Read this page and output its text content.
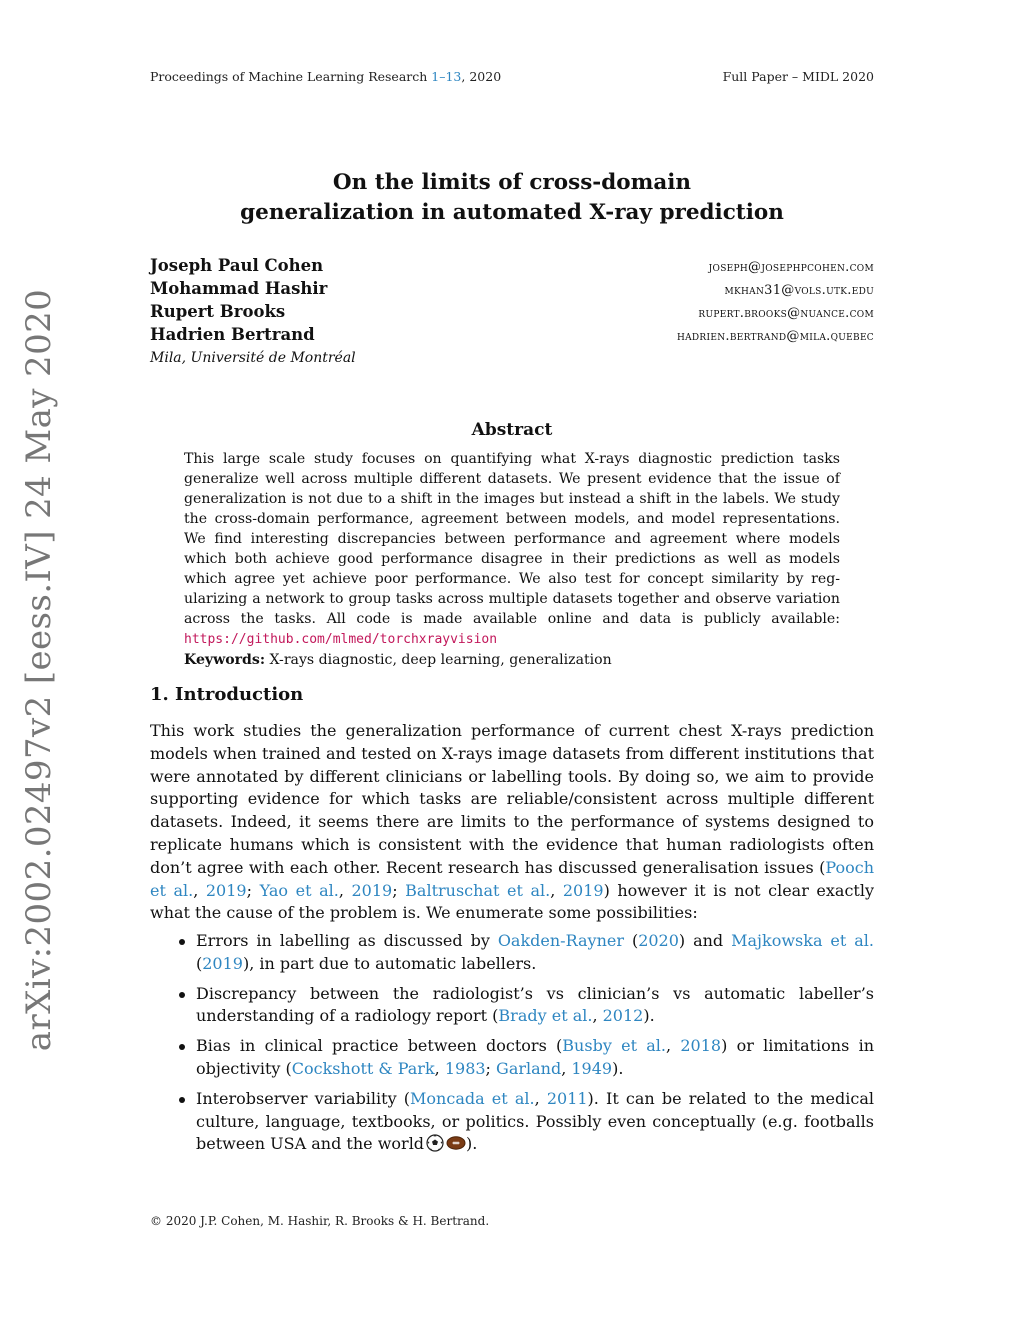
Proceedings of Machine Learning Research 1–13, 2020	Full Paper – MIDL 2020
arXiv:2002.02497v2 [eess.IV] 24 May 2020
On the limits of cross-domain
generalization in automated X-ray prediction
Joseph Paul Cohen	joseph@josephpcohen.com
Mohammad Hashir	mkhan31@vols.utk.edu
Rupert Brooks	rupert.brooks@nuance.com
Hadrien Bertrand	hadrien.bertrand@mila.quebec
Mila, Université de Montréal
Abstract

This large scale study focuses on quantifying what X-rays diagnostic prediction tasks generalize well across multiple different datasets. We present evidence that the issue of generalization is not due to a shift in the images but instead a shift in the labels. We study the cross-domain performance, agreement between models, and model representations. We find interesting discrepancies between performance and agreement where models which both achieve good performance disagree in their predictions as well as models which agree yet achieve poor performance. We also test for concept similarity by regularizing a network to group tasks across multiple datasets together and observe variation across the tasks. All code is made available online and data is publicly available: https://github.com/mlmed/torchxrayvision

Keywords: X-rays diagnostic, deep learning, generalization

1. Introduction

This work studies the generalization performance of current chest X-rays prediction models when trained and tested on X-rays image datasets from different institutions that were annotated by different clinicians or labelling tools. By doing so, we aim to provide supporting evidence for which tasks are reliable/consistent across multiple different datasets. Indeed, it seems there are limits to the performance of systems designed to replicate humans which is consistent with the evidence that human radiologists often don’t agree with each other. Recent research has discussed generalisation issues (Pooch et al., 2019; Yao et al., 2019; Baltruschat et al., 2019) however it is not clear exactly what the cause of the problem is. We enumerate some possibilities:

Errors in labelling as discussed by Oakden-Rayner (2020) and Majkowska et al. (2019), in part due to automatic labellers.
Discrepancy between the radiologist’s vs clinician’s vs automatic labeller’s understanding of a radiology report (Brady et al., 2012).
Bias in clinical practice between doctors (Busby et al., 2018) or limitations in objectivity (Cockshott & Park, 1983; Garland, 1949).
Interobserver variability (Moncada et al., 2011). It can be related to the medical culture, language, textbooks, or politics. Possibly even conceptually (e.g. footballs between USA and the world	).
© 2020 J.P. Cohen, M. Hashir, R. Brooks & H. Bertrand.
